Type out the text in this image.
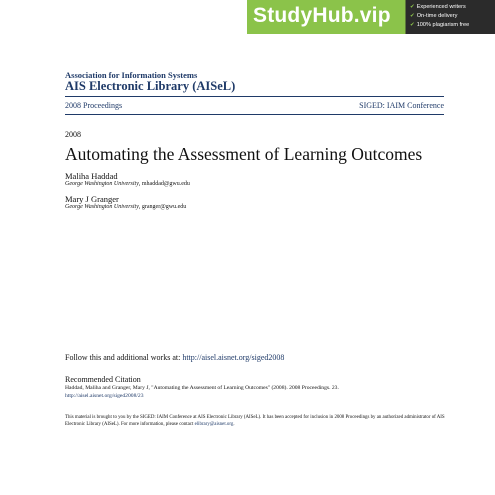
StudyHub.vip	✔ Experienced writers
✔ On-time delivery
✔ 100% plagiarism free
Association for Information Systems
AIS Electronic Library (AISeL)
2008 Proceedings	SIGED: IAIM Conference
2008
Automating the Assessment of Learning Outcomes
Maliha Haddad
George Washington University, mhaddad@gwu.edu
Mary J Granger
George Washington University, granger@gwu.edu
Follow this and additional works at: http://aisel.aisnet.org/siged2008
Recommended Citation
Haddad, Maliha and Granger, Mary J, "Automating the Assessment of Learning Outcomes" (2008). 2008 Proceedings. 23.
http://aisel.aisnet.org/siged2008/23
This material is brought to you by the SIGED: IAIM Conference at AIS Electronic Library (AISeL). It has been accepted for inclusion in 2008 Proceedings by an authorized administrator of AIS Electronic Library (AISeL). For more information, please contact elibrary@aisnet.org.
